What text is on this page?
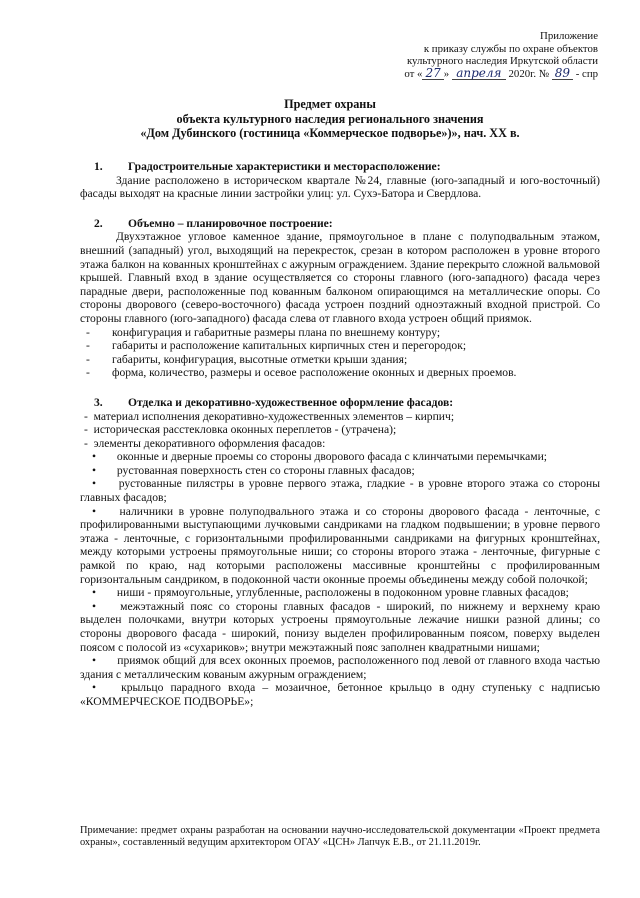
Приложение
к приказу службы по охране объектов
культурного наследия Иркутской области
от « 27 » апреля 2020г. № 89 - спр
Предмет охраны
объекта культурного наследия регионального значения
«Дом Дубинского (гостиница «Коммерческое подворье»)», нач. XX в.
1. Градостроительные характеристики и месторасположение:
Здание расположено в историческом квартале №24, главные (юго-западный и юго-восточный) фасады выходят на красные линии застройки улиц: ул. Сухэ-Батора и Свердлова.
2. Объемно – планировочное построение:
Двухэтажное угловое каменное здание, прямоугольное в плане с полуподвальным этажом, внешний (западный) угол, выходящий на перекресток, срезан в котором расположен в уровне второго этажа балкон на кованных кронштейнах с ажурным ограждением. Здание перекрыто сложной вальмовой крышей. Главный вход в здание осуществляется со стороны главного (юго-западного) фасада через парадные двери, расположенные под кованным балконом опирающимся на металлические опоры. Со стороны дворового (северо-восточного) фасада устроен поздний одноэтажный входной пристрой. Со стороны главного (юго-западного) фасада слева от главного входа устроен общий приямок.
- конфигурация и габаритные размеры плана по внешнему контуру;
- габариты и расположение капитальных кирпичных стен и перегородок;
- габариты, конфигурация, высотные отметки крыши здания;
- форма, количество, размеры и осевое расположение оконных и дверных проемов.
3. Отделка и декоративно-художественное оформление фасадов:
-  материал исполнения декоративно-художественных элементов – кирпич;
-  историческая расстекловка оконных переплетов - (утрачена);
-  элементы декоративного оформления фасадов:
• оконные и дверные проемы со стороны дворового фасада с клинчатыми перемычками;
• рустованная поверхность стен со стороны главных фасадов;
• рустованные пилястры в уровне первого этажа, гладкие - в уровне второго этажа со стороны главных фасадов;
• наличники в уровне полуподвального этажа и со стороны дворового фасада - ленточные, с профилированными выступающими лучковыми сандриками на гладком подвышении; в уровне первого этажа - ленточные, с горизонтальными профилированными сандриками на фигурных кронштейнах, между которыми устроены прямоугольные ниши; со стороны второго этажа - ленточные, фигурные с рамкой по краю, над которыми расположены массивные кронштейны с профилированным горизонтальным сандриком, в подоконной части оконные проемы объединены между собой полочкой;
• ниши - прямоугольные, углубленные, расположены в подоконном уровне главных фасадов;
• межэтажный пояс со стороны главных фасадов - широкий, по нижнему и верхнему краю выделен полочками, внутри которых устроены прямоугольные лежачие нишки разной длины; со стороны дворового фасада - широкий, понизу выделен профилированным поясом, поверху выделен поясом с полосой из «сухариков»; внутри межэтажный пояс заполнен квадратными нишами;
• приямок общий для всех оконных проемов, расположенного под левой от главного входа частью здания с металлическим кованым ажурным ограждением;
• крыльцо парадного входа – мозаичное, бетонное крыльцо в одну ступеньку с надписью «КОММЕРЧЕСКОЕ ПОДВОРЬЕ»;
Примечание: предмет охраны разработан на основании научно-исследовательской документации «Проект предмета охраны», составленный ведущим архитектором ОГАУ «ЦСН» Лапчук Е.В., от 21.11.2019г.
